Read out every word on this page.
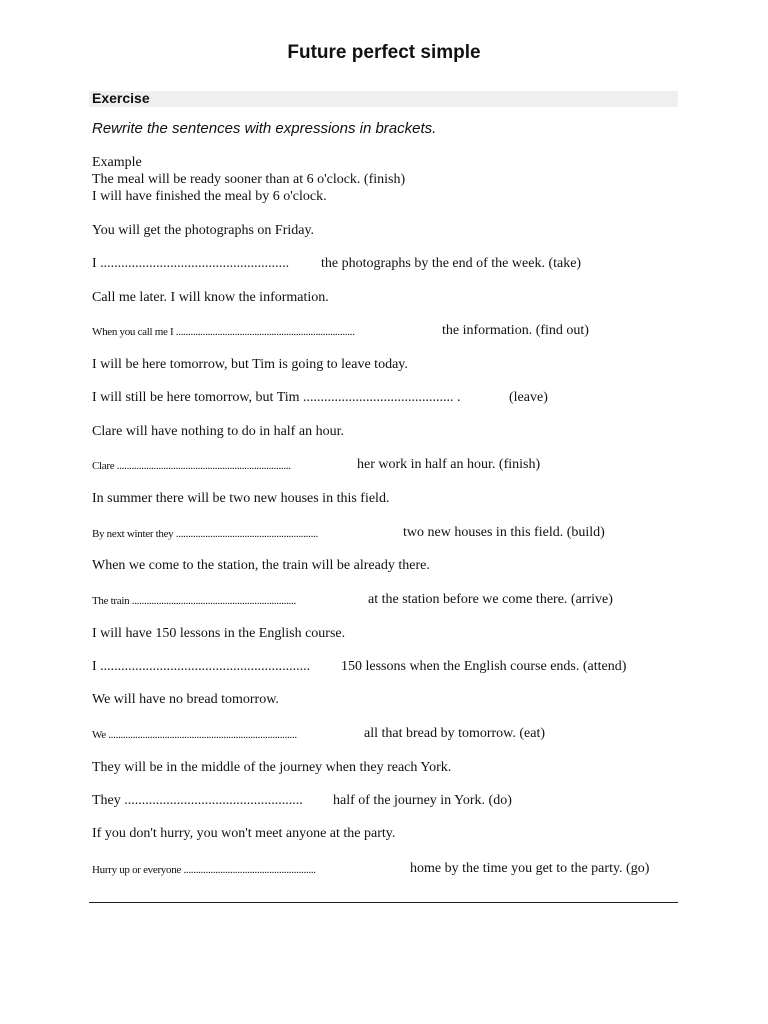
Future perfect simple
Exercise
Rewrite the sentences with expressions in brackets.
Example
The meal will be ready sooner than at 6 o'clock. (finish)
I will have finished the meal by 6 o'clock.
You will get the photographs on Friday.
I ...................................................... the photographs by the end of the week. (take)
Call me later. I will know the information.
When you call me I .........................................................................	the information. (find out)
I will be here tomorrow, but Tim is going to leave today.
I will still be here tomorrow, but Tim ........................................... .	(leave)
Clare will have nothing to do in half an hour.
Clare .......................................................................	her work in half an hour. (finish)
In summer there will be two new houses in this field.
By next winter they ..........................................................	two new houses in this field. (build)
When we come to the station, the train will be already there.
The train ...................................................................	at the station before we come there. (arrive)
I will have 150 lessons in the English course.
I ............................................................ 150 lessons when the English course ends. (attend)
We will have no bread tomorrow.
We .............................................................................	all that bread by tomorrow. (eat)
They will be in the middle of the journey when they reach York.
They ...................................................	half of the journey in York. (do)
If you don't hurry, you won't meet anyone at the party.
Hurry up or everyone ......................................................	home by the time you get to the party. (go)
